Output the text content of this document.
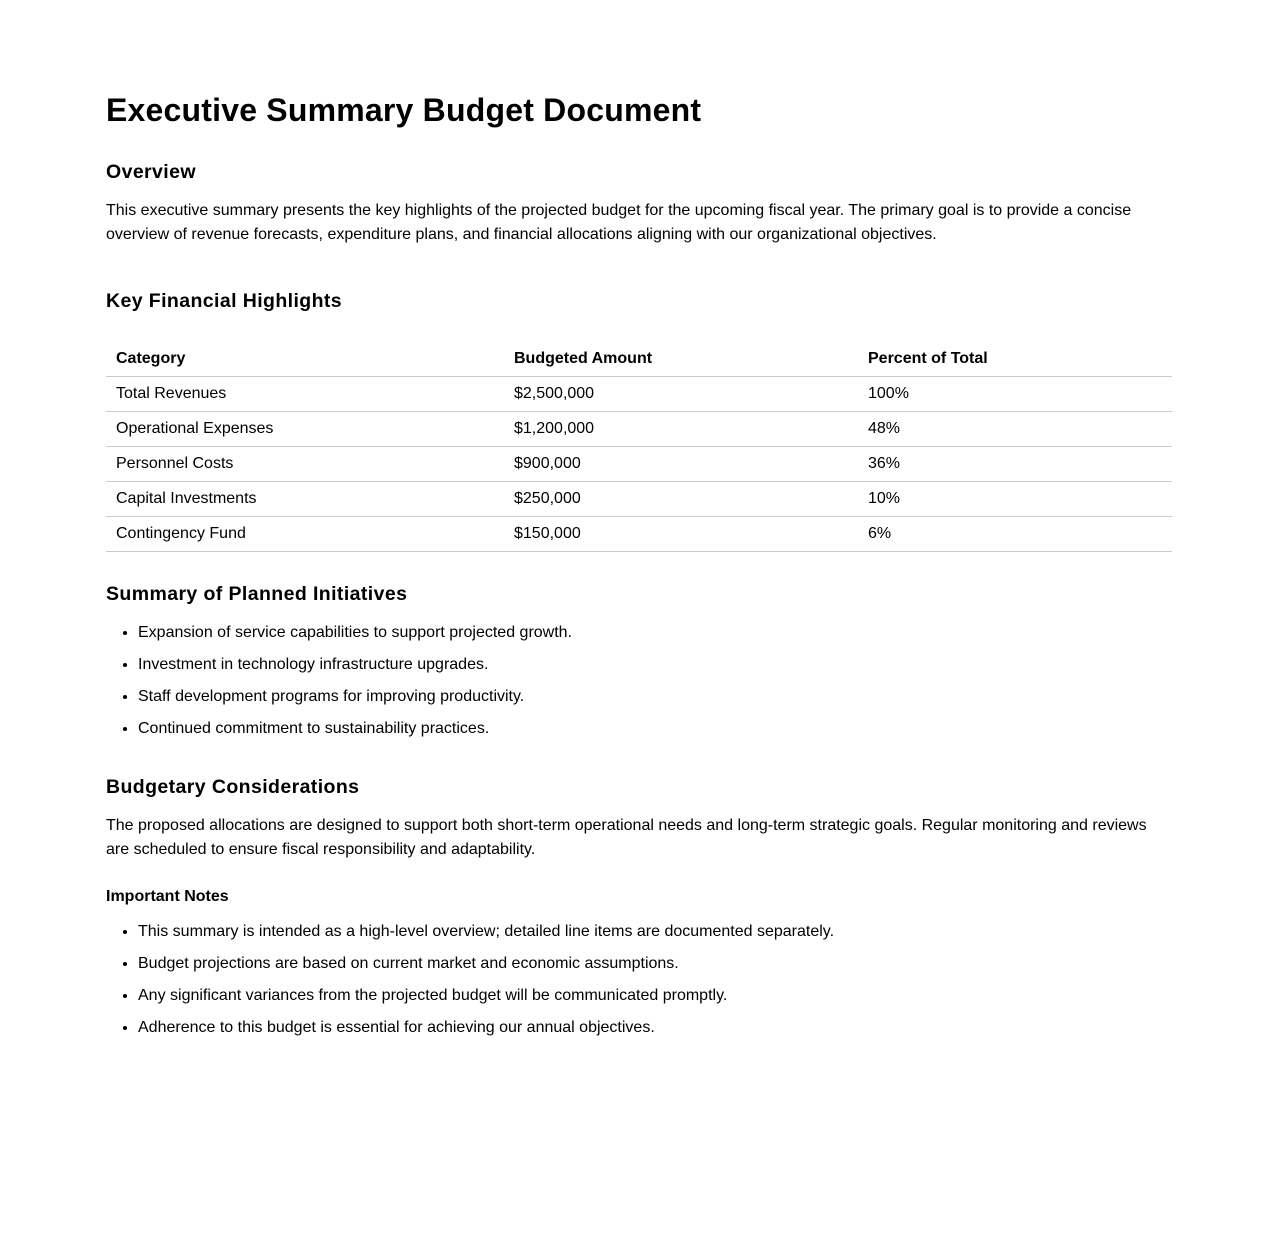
Executive Summary Budget Document
Overview

This executive summary presents the key highlights of the projected budget for the upcoming fiscal year. The primary goal is to provide a concise overview of revenue forecasts, expenditure plans, and financial allocations aligning with our organizational objectives.

Key Financial Highlights
Category	Budgeted Amount	Percent of Total
Total Revenues	$2,500,000	100%
Operational Expenses	$1,200,000	48%
Personnel Costs	$900,000	36%
Capital Investments	$250,000	10%
Contingency Fund	$150,000	6%
Summary of Planned Initiatives
• Expansion of service capabilities to support projected growth.
• Investment in technology infrastructure upgrades.
• Staff development programs for improving productivity.
• Continued commitment to sustainability practices.
Budgetary Considerations

The proposed allocations are designed to support both short-term operational needs and long-term strategic goals. Regular monitoring and reviews are scheduled to ensure fiscal responsibility and adaptability.

Important Notes
• This summary is intended as a high-level overview; detailed line items are documented separately.
• Budget projections are based on current market and economic assumptions.
• Any significant variances from the projected budget will be communicated promptly.
• Adherence to this budget is essential for achieving our annual objectives.
